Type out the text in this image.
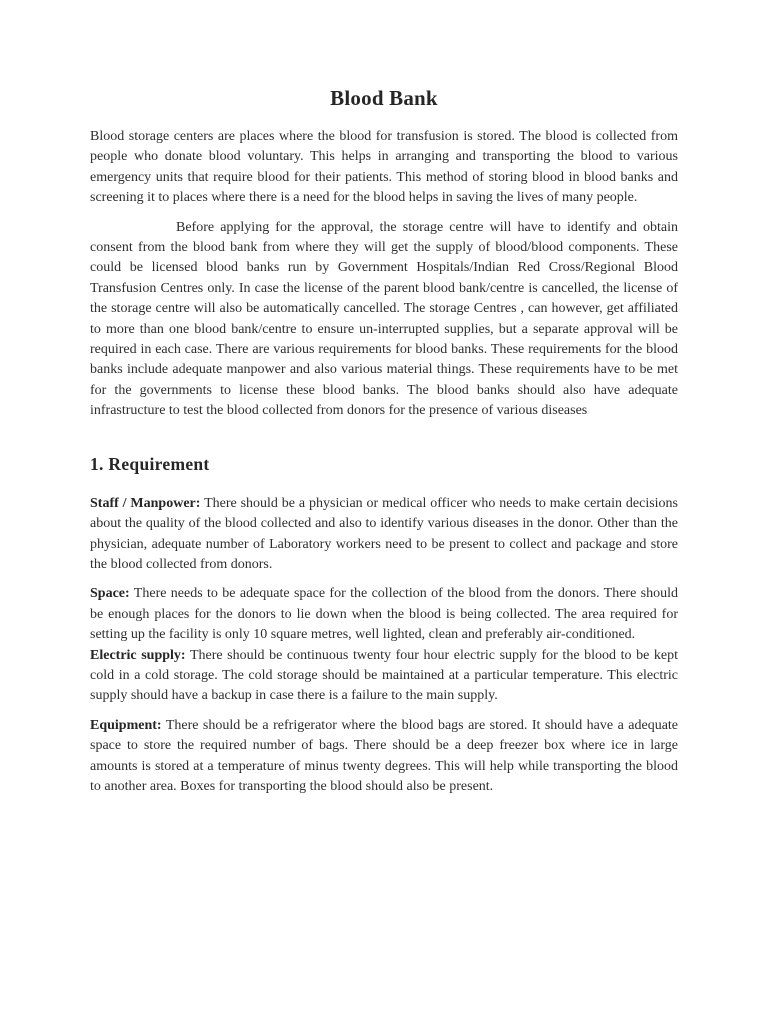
Blood Bank

Blood storage centers are places where the blood for transfusion is stored. The blood is collected from people who donate blood voluntary. This helps in arranging and transporting the blood to various emergency units that require blood for their patients. This method of storing blood in blood banks and screening it to places where there is a need for the blood helps in saving the lives of many people.

Before applying for the approval, the storage centre will have to identify and obtain consent from the blood bank from where they will get the supply of blood/blood components. These could be licensed blood banks run by Government Hospitals/Indian Red Cross/Regional Blood Transfusion Centres only. In case the license of the parent blood bank/centre is cancelled, the license of the storage centre will also be automatically cancelled. The storage Centres , can however, get affiliated to more than one blood bank/centre to ensure un-interrupted supplies, but a separate approval will be required in each case. There are various requirements for blood banks. These requirements for the blood banks include adequate manpower and also various material things. These requirements have to be met for the governments to license these blood banks. The blood banks should also have adequate infrastructure to test the blood collected from donors for the presence of various diseases

1. Requirement

Staff / Manpower: There should be a physician or medical officer who needs to make certain decisions about the quality of the blood collected and also to identify various diseases in the donor. Other than the physician, adequate number of Laboratory workers need to be present to collect and package and store the blood collected from donors.

Space: There needs to be adequate space for the collection of the blood from the donors. There should be enough places for the donors to lie down when the blood is being collected. The area required for setting up the facility is only 10 square metres, well lighted, clean and preferably air-conditioned.

Electric supply: There should be continuous twenty four hour electric supply for the blood to be kept cold in a cold storage. The cold storage should be maintained at a particular temperature. This electric supply should have a backup in case there is a failure to the main supply.

Equipment: There should be a refrigerator where the blood bags are stored. It should have a adequate space to store the required number of bags. There should be a deep freezer box where ice in large amounts is stored at a temperature of minus twenty degrees. This will help while transporting the blood to another area. Boxes for transporting the blood should also be present.
